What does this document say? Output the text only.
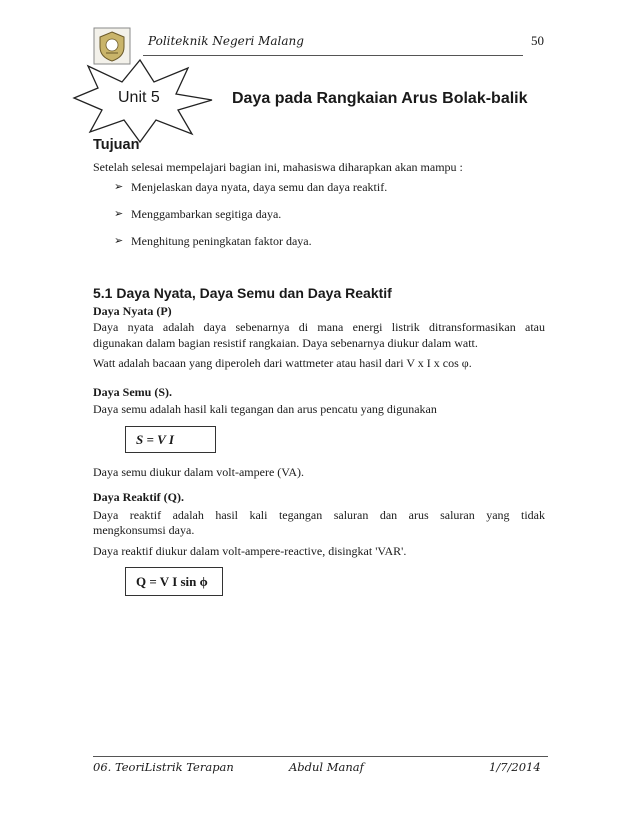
Politeknik Negeri Malang	50
Unit 5	Daya pada Rangkaian Arus Bolak-balik
Tujuan
Setelah selesai mempelajari bagian ini, mahasiswa diharapkan akan mampu :
➢ Menjelaskan daya nyata, daya semu dan daya reaktif.
➢ Menggambarkan segitiga daya.
➢ Menghitung peningkatan faktor daya.
5.1 Daya Nyata, Daya Semu dan Daya Reaktif
Daya Nyata (P)
Daya nyata adalah daya sebenarnya di mana energi listrik ditransformasikan atau
digunakan dalam bagian resistif rangkaian. Daya sebenarnya diukur dalam watt.
Watt adalah bacaan yang diperoleh dari wattmeter atau hasil dari V x I x cos φ.
Daya Semu (S).
Daya semu adalah hasil kali tegangan dan arus pencatu yang digunakan
S = V I
Daya semu diukur dalam volt-ampere (VA).
Daya Reaktif (Q).
Daya reaktif adalah hasil kali tegangan saluran dan arus saluran yang tidak
mengkonsumsi daya.
Daya reaktif diukur dalam volt-ampere-reactive, disingkat 'VAR'.
Q = V I sin ϕ
06. TeoriListrik Terapan	Abdul Manaf	1/7/2014
